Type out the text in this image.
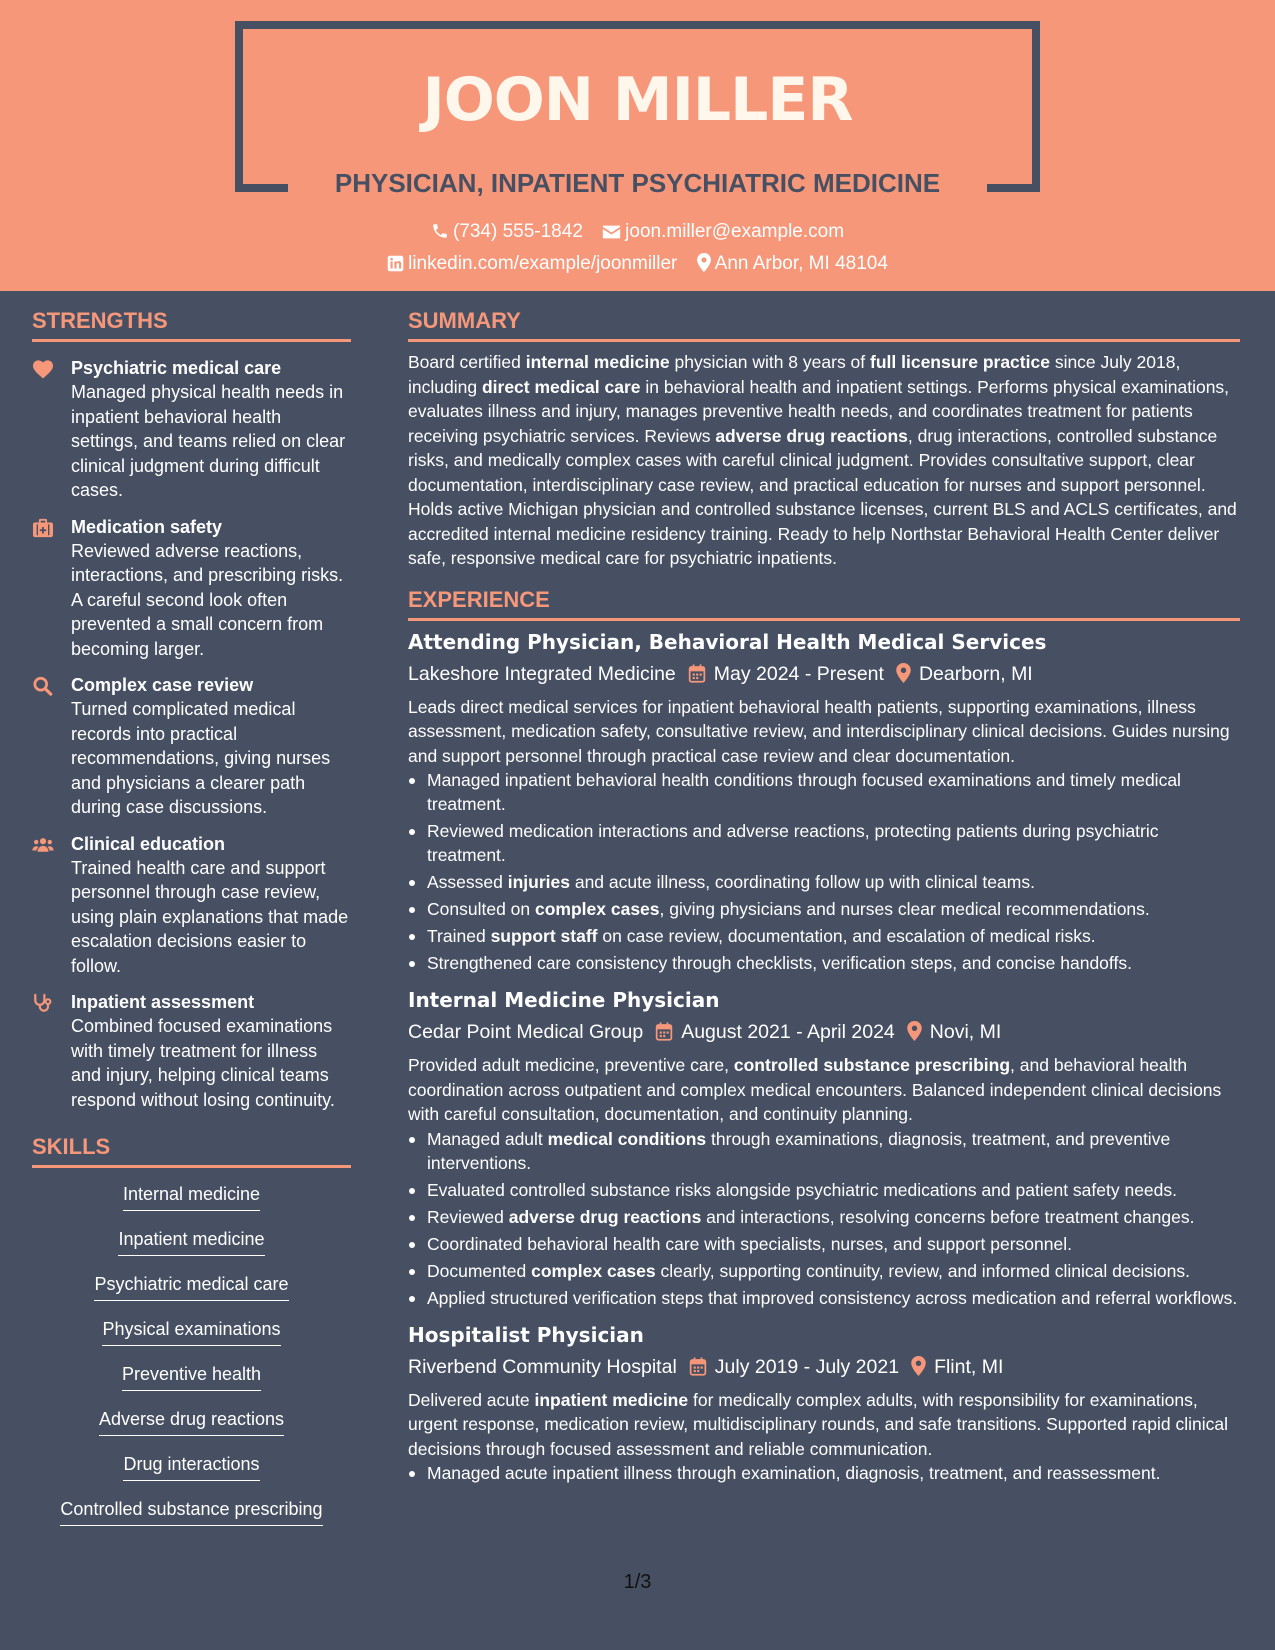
JOON MILLER
PHYSICIAN, INPATIENT PSYCHIATRIC MEDICINE
(734) 555-1842 joon.miller@example.com
linkedin.com/example/joonmiller Ann Arbor, MI 48104
STRENGTHS
Psychiatric medical care
Managed physical health needs in inpatient behavioral health settings, and teams relied on clear clinical judgment during difficult cases.
Medication safety
Reviewed adverse reactions, interactions, and prescribing risks. A careful second look often prevented a small concern from becoming larger.
Complex case review
Turned complicated medical records into practical recommendations, giving nurses and physicians a clearer path during case discussions.
Clinical education
Trained health care and support personnel through case review, using plain explanations that made escalation decisions easier to follow.
Inpatient assessment
Combined focused examinations with timely treatment for illness and injury, helping clinical teams respond without losing continuity.
SKILLS
Internal medicine
Inpatient medicine
Psychiatric medical care
Physical examinations
Preventive health
Adverse drug reactions
Drug interactions
Controlled substance prescribing
SUMMARY
Board certified internal medicine physician with 8 years of full licensure practice since July 2018, including direct medical care in behavioral health and inpatient settings. Performs physical examinations, evaluates illness and injury, manages preventive health needs, and coordinates treatment for patients receiving psychiatric services. Reviews adverse drug reactions, drug interactions, controlled substance risks, and medically complex cases with careful clinical judgment. Provides consultative support, clear documentation, interdisciplinary case review, and practical education for nurses and support personnel. Holds active Michigan physician and controlled substance licenses, current BLS and ACLS certificates, and accredited internal medicine residency training. Ready to help Northstar Behavioral Health Center deliver safe, responsive medical care for psychiatric inpatients.
EXPERIENCE
Attending Physician, Behavioral Health Medical Services
Lakeshore Integrated Medicine May 2024 - Present Dearborn, MI
Leads direct medical services for inpatient behavioral health patients, supporting examinations, illness assessment, medication safety, consultative review, and interdisciplinary clinical decisions. Guides nursing and support personnel through practical case review and clear documentation.
Managed inpatient behavioral health conditions through focused examinations and timely medical treatment.
Reviewed medication interactions and adverse reactions, protecting patients during psychiatric treatment.
Assessed injuries and acute illness, coordinating follow up with clinical teams.
Consulted on complex cases, giving physicians and nurses clear medical recommendations.
Trained support staff on case review, documentation, and escalation of medical risks.
Strengthened care consistency through checklists, verification steps, and concise handoffs.
Internal Medicine Physician
Cedar Point Medical Group August 2021 - April 2024 Novi, MI
Provided adult medicine, preventive care, controlled substance prescribing, and behavioral health coordination across outpatient and complex medical encounters. Balanced independent clinical decisions with careful consultation, documentation, and continuity planning.
Managed adult medical conditions through examinations, diagnosis, treatment, and preventive interventions.
Evaluated controlled substance risks alongside psychiatric medications and patient safety needs.
Reviewed adverse drug reactions and interactions, resolving concerns before treatment changes.
Coordinated behavioral health care with specialists, nurses, and support personnel.
Documented complex cases clearly, supporting continuity, review, and informed clinical decisions.
Applied structured verification steps that improved consistency across medication and referral workflows.
Hospitalist Physician
Riverbend Community Hospital July 2019 - July 2021 Flint, MI
Delivered acute inpatient medicine for medically complex adults, with responsibility for examinations, urgent response, medication review, multidisciplinary rounds, and safe transitions. Supported rapid clinical decisions through focused assessment and reliable communication.
Managed acute inpatient illness through examination, diagnosis, treatment, and reassessment.
1/3
